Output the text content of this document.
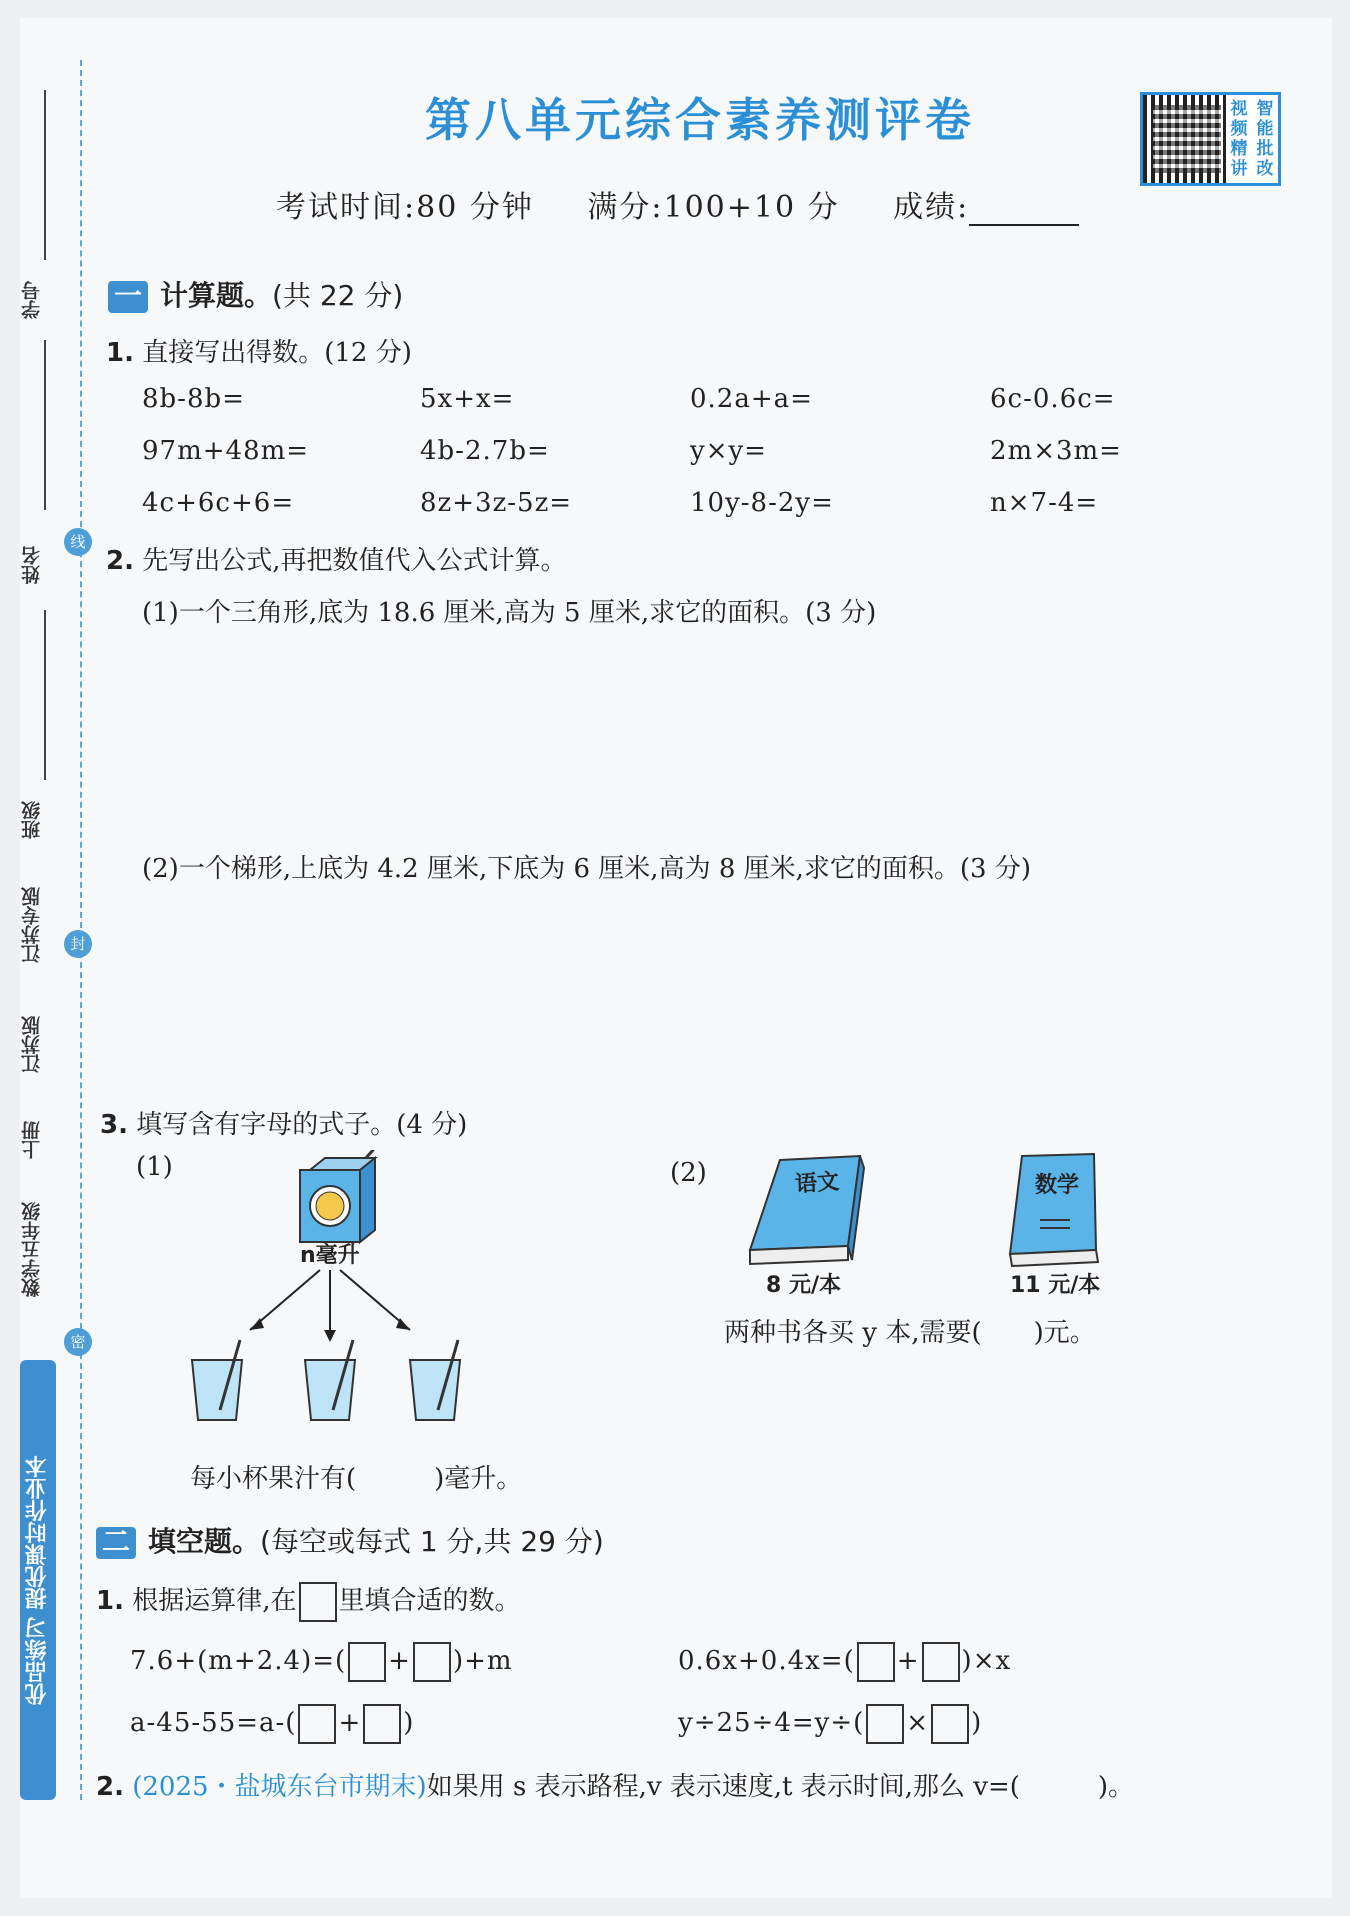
学号
线
姓名
班级
江苏专版	封
江苏版
上册
数学五年级
密
优品练习 提优课时作业本
第八单元综合素养测评卷	视 智
频 能
精 批
讲 改
考试时间:80 分钟 满分:100+10 分 成绩:
一 计算题。(共 22 分)
1. 直接写出得数。(12 分)
8b-8b=	5x+x=	0.2a+a=	6c-0.6c=
97m+48m=	4b-2.7b=	y×y=	2m×3m=
4c+6c+6=	8z+3z-5z=	10y-8-2y=	n×7-4=
2. 先写出公式,再把数值代入公式计算。
(1)一个三角形,底为 18.6 厘米,高为 5 厘米,求它的面积。(3 分)
(2)一个梯形,上底为 4.2 厘米,下底为 6 厘米,高为 8 厘米,求它的面积。(3 分)
3. 填写含有字母的式子。(4 分)
(1)
n毫升
每小杯果汁有(　　　)毫升。
(2)	语文	数学
8 元/本	11 元/本
两种书各买 y 本,需要(　　)元。
二 填空题。(每空或每式 1 分,共 29 分)
1. 根据运算律,在 里填合适的数。
7.6+(m+2.4)=( + )+m	0.6x+0.4x=( + )×x
a-45-55=a-( + )	y÷25÷4=y÷( × )
2. (2025・盐城东台市期末)如果用 s 表示路程,v 表示速度,t 表示时间,那么 v=(　　　)。
